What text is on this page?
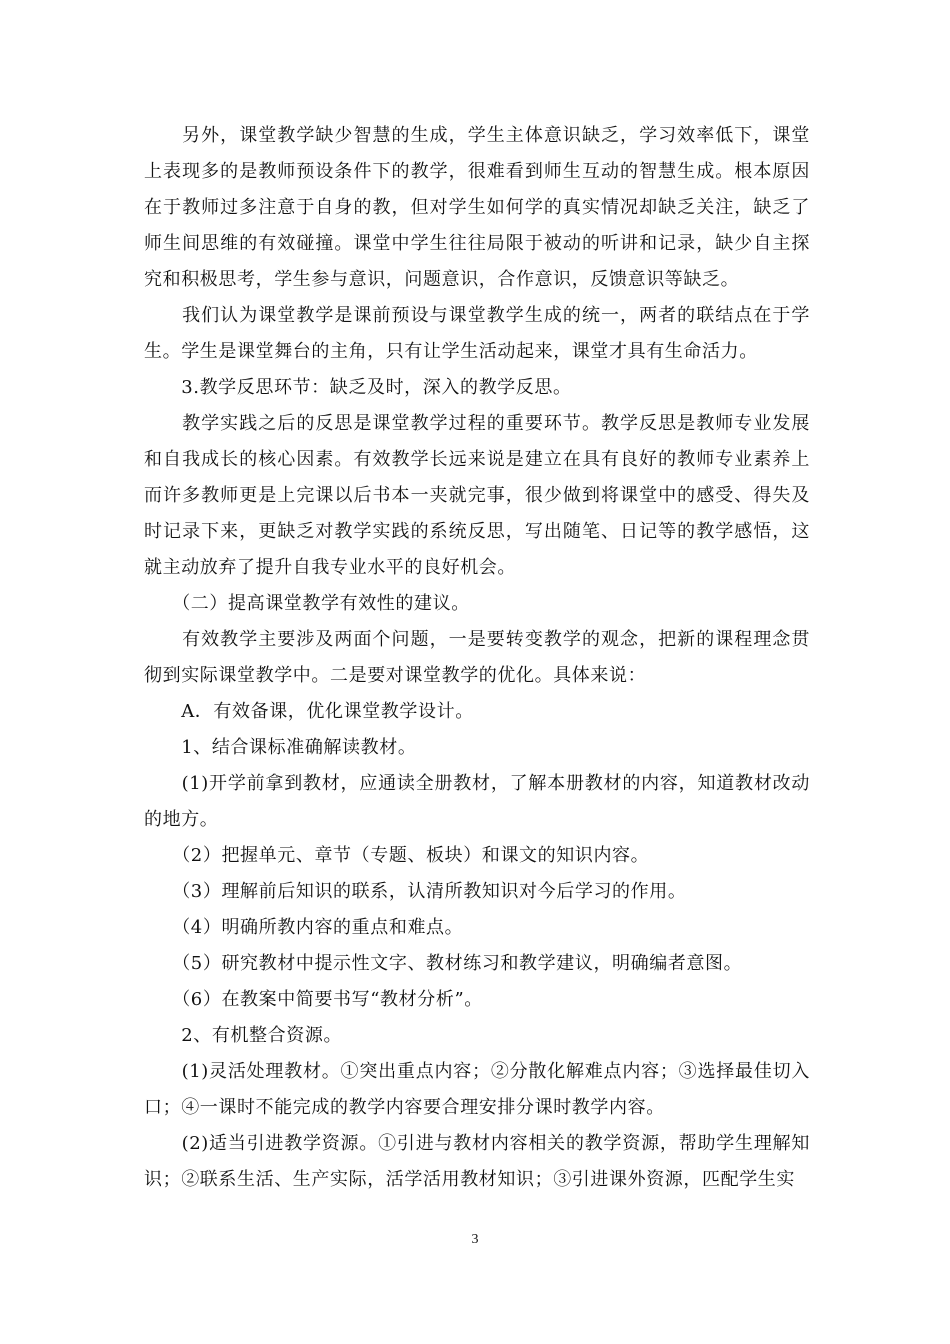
　　另外，课堂教学缺少智慧的生成，学生主体意识缺乏，学习效率低下，课堂上表现多的是教师预设条件下的教学，很难看到师生互动的智慧生成。根本原因在于教师过多注意于自身的教，但对学生如何学的真实情况却缺乏关注，缺乏了师生间思维的有效碰撞。课堂中学生往往局限于被动的听讲和记录，缺少自主探究和积极思考，学生参与意识，问题意识，合作意识，反馈意识等缺乏。

　　我们认为课堂教学是课前预设与课堂教学生成的统一，两者的联结点在于学生。学生是课堂舞台的主角，只有让学生活动起来，课堂才具有生命活力。

　　3.教学反思环节：缺乏及时，深入的教学反思。

　　教学实践之后的反思是课堂教学过程的重要环节。教学反思是教师专业发展和自我成长的核心因素。有效教学长远来说是建立在具有良好的教师专业素养上而许多教师更是上完课以后书本一夹就完事，很少做到将课堂中的感受、得失及时记录下来，更缺乏对教学实践的系统反思，写出随笔、日记等的教学感悟，这就主动放弃了提升自我专业水平的良好机会。

　　（二）提高课堂教学有效性的建议。

　　有效教学主要涉及两面个问题，一是要转变教学的观念，把新的课程理念贯彻到实际课堂教学中。二是要对课堂教学的优化。具体来说：

　　A．有效备课，优化课堂教学设计。

　　1、结合课标准确解读教材。

　　(1)开学前拿到教材，应通读全册教材，了解本册教材的内容，知道教材改动的地方。

　　（2）把握单元、章节（专题、板块）和课文的知识内容。

　　（3）理解前后知识的联系，认清所教知识对今后学习的作用。

　　（4）明确所教内容的重点和难点。

　　（5）研究教材中提示性文字、教材练习和教学建议，明确编者意图。

　　（6）在教案中简要书写“教材分析”。

　　2、有机整合资源。

　　(1)灵活处理教材。①突出重点内容；②分散化解难点内容；③选择最佳切入口；④一课时不能完成的教学内容要合理安排分课时教学内容。

　　(2)适当引进教学资源。①引进与教材内容相关的教学资源，帮助学生理解知识；②联系生活、生产实际，活学活用教材知识；③引进课外资源，匹配学生实

3
